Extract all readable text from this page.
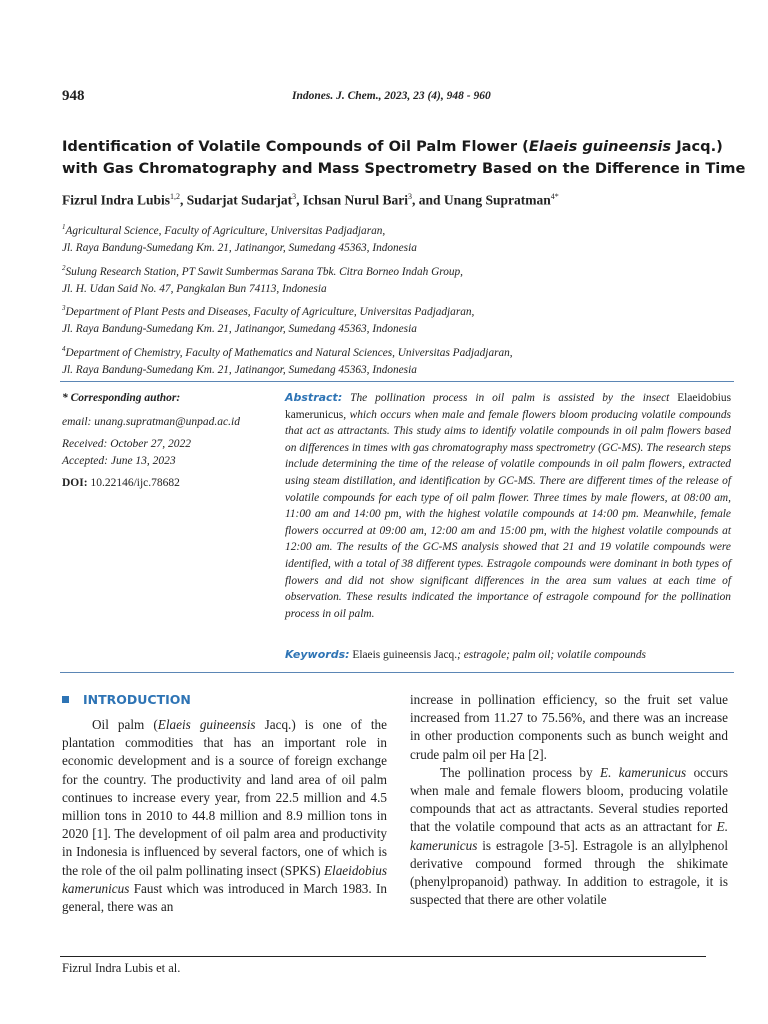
948	Indones. J. Chem., 2023, 23 (4), 948 - 960
Identification of Volatile Compounds of Oil Palm Flower (Elaeis guineensis Jacq.)
with Gas Chromatography and Mass Spectrometry Based on the Difference in Time
Fizrul Indra Lubis$^{1,2}$, Sudarjat Sudarjat$^3$, Ichsan Nurul Bari$^3$, and Unang Supratman$^{4*}$
$^1$Agricultural Science, Faculty of Agriculture, Universitas Padjadjaran,
Jl. Raya Bandung-Sumedang Km. 21, Jatinangor, Sumedang 45363, Indonesia
$^2$Sulung Research Station, PT Sawit Sumbermas Sarana Tbk. Citra Borneo Indah Group,
Jl. H. Udan Said No. 47, Pangkalan Bun 74113, Indonesia
$^3$Department of Plant Pests and Diseases, Faculty of Agriculture, Universitas Padjadjaran,
Jl. Raya Bandung-Sumedang Km. 21, Jatinangor, Sumedang 45363, Indonesia
$^4$Department of Chemistry, Faculty of Mathematics and Natural Sciences, Universitas Padjadjaran,
Jl. Raya Bandung-Sumedang Km. 21, Jatinangor, Sumedang 45363, Indonesia
* Corresponding author:
email: unang.supratman@unpad.ac.id
Received: October 27, 2022
Accepted: June 13, 2023
DOI: 10.22146/ijc.78682
Abstract: The pollination process in oil palm is assisted by the insect Elaeidobius kamerunicus, which occurs when male and female flowers bloom producing volatile compounds that act as attractants. This study aims to identify volatile compounds in oil palm flowers based on differences in times with gas chromatography mass spectrometry (GC-MS). The research steps include determining the time of the release of volatile compounds in oil palm flowers, extracted using steam distillation, and identification by GC-MS. There are different times of the release of volatile compounds for each type of oil palm flower. Three times by male flowers, at 08:00 am, 11:00 am and 14:00 pm, with the highest volatile compounds at 14:00 pm. Meanwhile, female flowers occurred at 09:00 am, 12:00 am and 15:00 pm, with the highest volatile compounds at 12:00 am. The results of the GC-MS analysis showed that 21 and 19 volatile compounds were identified, with a total of 38 different types. Estragole compounds were dominant in both types of flowers and did not show significant differences in the area sum values at each time of observation. These results indicated the importance of estragole compound for the pollination process in oil palm.
Keywords: Elaeis guineensis Jacq.; estragole; palm oil; volatile compounds
INTRODUCTION

Oil palm (Elaeis guineensis Jacq.) is one of the plantation commodities that has an important role in economic development and is a source of foreign exchange for the country. The productivity and land area of oil palm continues to increase every year, from 22.5 million and 4.5 million tons in 2010 to 44.8 million and 8.9 million tons in 2020 [1]. The development of oil palm area and productivity in Indonesia is influenced by several factors, one of which is the role of the oil palm pollinating insect (SPKS) Elaeidobius kamerunicus Faust which was introduced in March 1983. In general, there was an

increase in pollination efficiency, so the fruit set value increased from 11.27 to 75.56%, and there was an increase in other production components such as bunch weight and crude palm oil per Ha [2].

The pollination process by E. kamerunicus occurs when male and female flowers bloom, producing volatile compounds that act as attractants. Several studies reported that the volatile compound that acts as an attractant for E. kamerunicus is estragole [3-5]. Estragole is an allylphenol derivative compound formed through the shikimate (phenylpropanoid) pathway. In addition to estragole, it is suspected that there are other volatile

Fizrul Indra Lubis et al.
